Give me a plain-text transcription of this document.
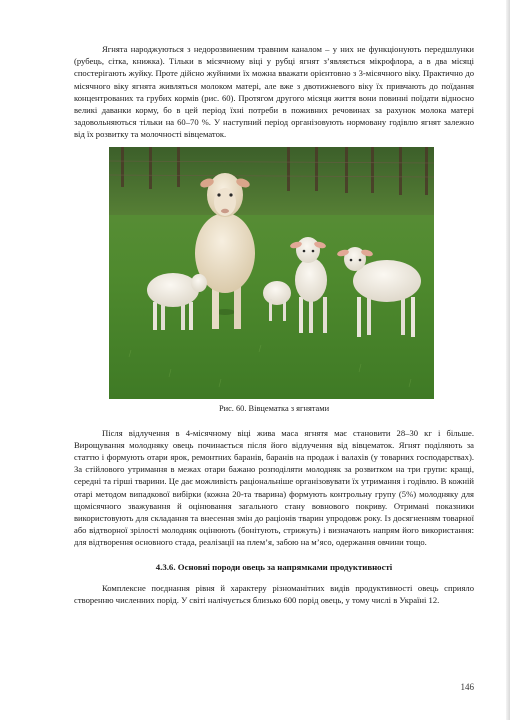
Ягнята народжуються з недорозвиненим травним каналом – у них не функціонують передшлунки (рубець, сітка, книжка). Тільки в місячному віці у рубці ягнят з’являється мікрофлора, а в два місяці спостерігають жуйку. Проте дійсно жуйними їх можна вважати орієнтовно з 3-місячного віку. Практично до місячного віку ягнята живляться молоком матері, але вже з двотижневого віку їх привчають до поїдання концентрованих та грубих кормів (рис. 60). Протягом другого місяця життя вони повинні поїдати відносно великі даванки корму, бо в цей період їхні потреби в поживних речовинах за рахунок молока матері задовольняються тільки на 60–70 %. У наступний період організовують нормовану годівлю ягнят залежно від їх розвитку та молочності вівцематок.

Рис. 60. Вівцематка з ягнятами

Після відлучення в 4-місячному віці жива маса ягнятя має становити 28–30 кг і більше. Вирощування молодняку овець починається після його відлучення від вівцематок. Ягнят поділяють за статтю і формують отари ярок, ремонтних баранів, баранів на продаж і валахів (у товарних господарствах). За стійлового утримання в межах отари бажано розподіляти молодняк за розвитком на три групи: кращі, середні та гірші тварини. Це дає можливість раціональніше організовувати їх утримання і годівлю. В кожній отарі методом випадкової вибірки (кожна 20-та тварина) формують контрольну групу (5%) молодняку для щомісячного зважування й оцінювання загального стану вовнового покриву. Отримані показники використовують для складання та внесення змін до раціонів тварин упродовж року. Із досягненням товарної або відтворної зрілості молодняк оцінюють (бонітують, стрижуть) і визначають напрям його використання: для відтворення основного стада, реалізації на плем’я, забою на м’ясо, одержання овчини тощо.

4.3.6. Основні породи овець за напрямками продуктивності

Комплексне поєднання рівня й характеру різноманітних видів продуктивності овець сприяло створенню численних порід. У світі налічується близько 600 порід овець, у тому числі в Україні 12.

146
